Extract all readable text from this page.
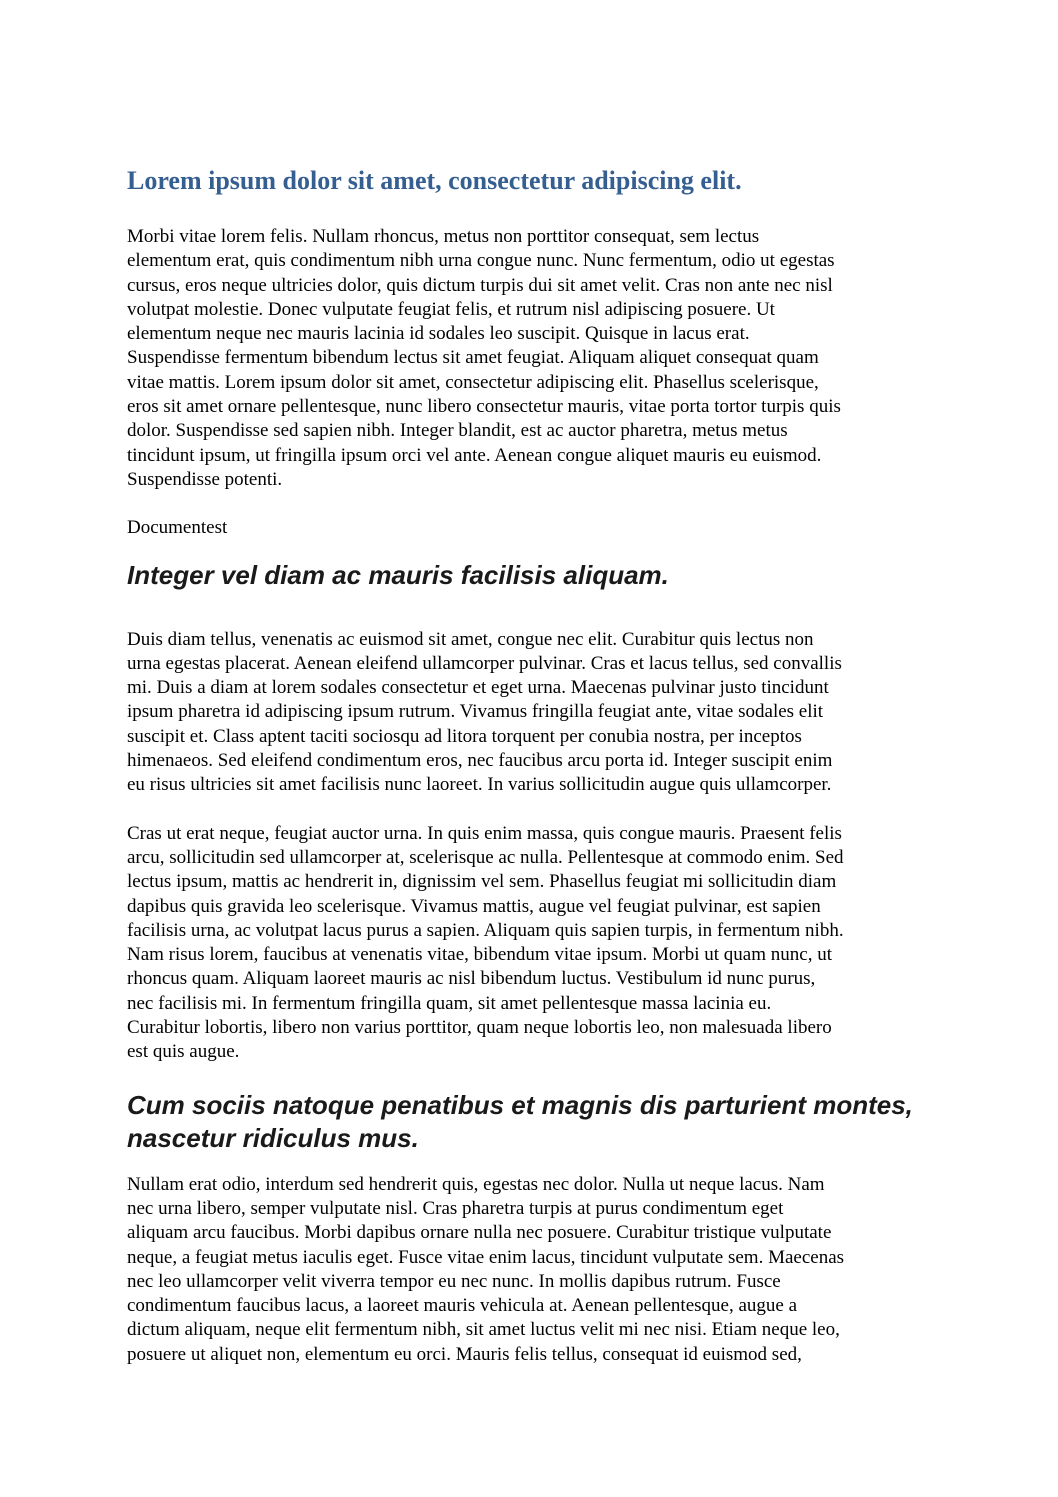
Lorem ipsum dolor sit amet, consectetur adipiscing elit.

Morbi vitae lorem felis. Nullam rhoncus, metus non porttitor consequat, sem lectus
elementum erat, quis condimentum nibh urna congue nunc. Nunc fermentum, odio ut egestas
cursus, eros neque ultricies dolor, quis dictum turpis dui sit amet velit. Cras non ante nec nisl
volutpat molestie. Donec vulputate feugiat felis, et rutrum nisl adipiscing posuere. Ut
elementum neque nec mauris lacinia id sodales leo suscipit. Quisque in lacus erat.
Suspendisse fermentum bibendum lectus sit amet feugiat. Aliquam aliquet consequat quam
vitae mattis. Lorem ipsum dolor sit amet, consectetur adipiscing elit. Phasellus scelerisque,
eros sit amet ornare pellentesque, nunc libero consectetur mauris, vitae porta tortor turpis quis
dolor. Suspendisse sed sapien nibh. Integer blandit, est ac auctor pharetra, metus metus
tincidunt ipsum, ut fringilla ipsum orci vel ante. Aenean congue aliquet mauris eu euismod.
Suspendisse potenti.

Documentest

Integer vel diam ac mauris facilisis aliquam.

Duis diam tellus, venenatis ac euismod sit amet, congue nec elit. Curabitur quis lectus non
urna egestas placerat. Aenean eleifend ullamcorper pulvinar. Cras et lacus tellus, sed convallis
mi. Duis a diam at lorem sodales consectetur et eget urna. Maecenas pulvinar justo tincidunt
ipsum pharetra id adipiscing ipsum rutrum. Vivamus fringilla feugiat ante, vitae sodales elit
suscipit et. Class aptent taciti sociosqu ad litora torquent per conubia nostra, per inceptos
himenaeos. Sed eleifend condimentum eros, nec faucibus arcu porta id. Integer suscipit enim
eu risus ultricies sit amet facilisis nunc laoreet. In varius sollicitudin augue quis ullamcorper.

Cras ut erat neque, feugiat auctor urna. In quis enim massa, quis congue mauris. Praesent felis
arcu, sollicitudin sed ullamcorper at, scelerisque ac nulla. Pellentesque at commodo enim. Sed
lectus ipsum, mattis ac hendrerit in, dignissim vel sem. Phasellus feugiat mi sollicitudin diam
dapibus quis gravida leo scelerisque. Vivamus mattis, augue vel feugiat pulvinar, est sapien
facilisis urna, ac volutpat lacus purus a sapien. Aliquam quis sapien turpis, in fermentum nibh.
Nam risus lorem, faucibus at venenatis vitae, bibendum vitae ipsum. Morbi ut quam nunc, ut
rhoncus quam. Aliquam laoreet mauris ac nisl bibendum luctus. Vestibulum id nunc purus,
nec facilisis mi. In fermentum fringilla quam, sit amet pellentesque massa lacinia eu.
Curabitur lobortis, libero non varius porttitor, quam neque lobortis leo, non malesuada libero
est quis augue.

Cum sociis natoque penatibus et magnis dis parturient montes,
nascetur ridiculus mus.

Nullam erat odio, interdum sed hendrerit quis, egestas nec dolor. Nulla ut neque lacus. Nam
nec urna libero, semper vulputate nisl. Cras pharetra turpis at purus condimentum eget
aliquam arcu faucibus. Morbi dapibus ornare nulla nec posuere. Curabitur tristique vulputate
neque, a feugiat metus iaculis eget. Fusce vitae enim lacus, tincidunt vulputate sem. Maecenas
nec leo ullamcorper velit viverra tempor eu nec nunc. In mollis dapibus rutrum. Fusce
condimentum faucibus lacus, a laoreet mauris vehicula at. Aenean pellentesque, augue a
dictum aliquam, neque elit fermentum nibh, sit amet luctus velit mi nec nisi. Etiam neque leo,
posuere ut aliquet non, elementum eu orci. Mauris felis tellus, consequat id euismod sed,
